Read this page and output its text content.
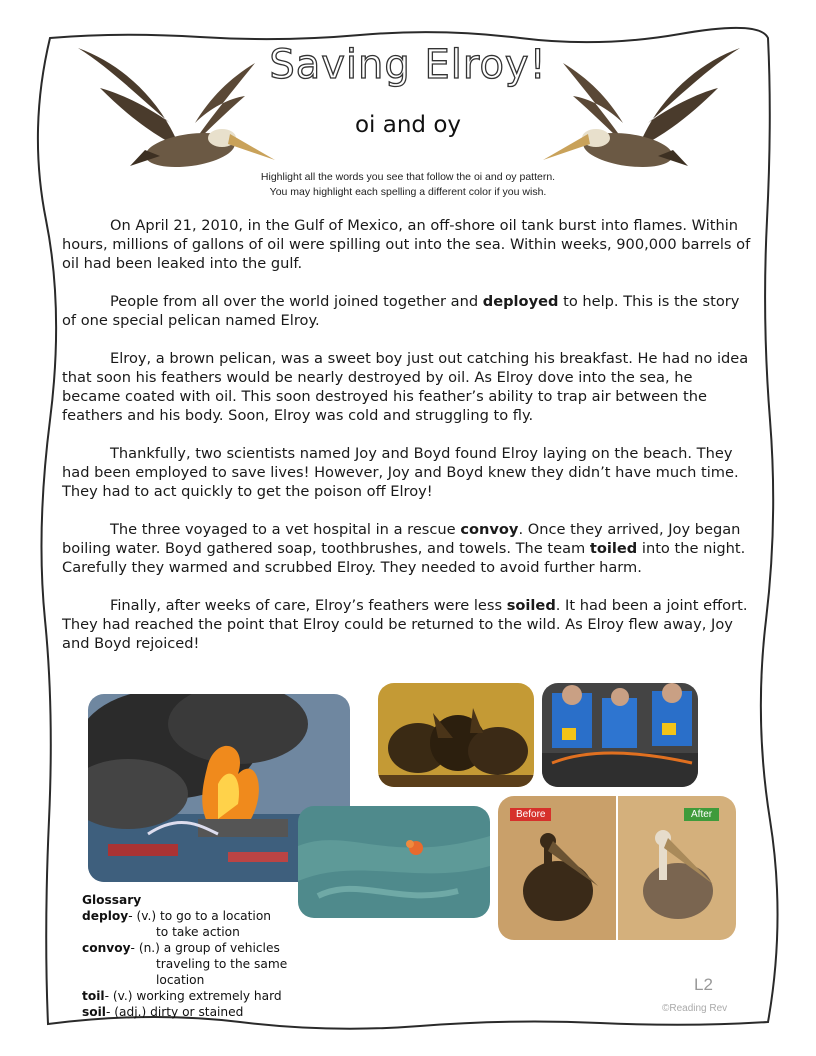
Saving Elroy!
oi and oy
Highlight all the words you see that follow the oi and oy pattern.
You may highlight each spelling a different color if you wish.

On April 21, 2010, in the Gulf of Mexico, an off-shore oil tank burst into flames. Within hours, millions of gallons of oil were spilling out into the sea. Within weeks, 900,000 barrels of oil had been leaked into the gulf.

People from all over the world joined together and deployed to help. This is the story of one special pelican named Elroy.

Elroy, a brown pelican, was a sweet boy just out catching his breakfast. He had no idea that soon his feathers would be nearly destroyed by oil. As Elroy dove into the sea, he became coated with oil. This soon destroyed his feather’s ability to trap air between the feathers and his body. Soon, Elroy was cold and struggling to fly.

Thankfully, two scientists named Joy and Boyd found Elroy laying on the beach. They had been employed to save lives! However, Joy and Boyd knew they didn’t have much time. They had to act quickly to get the poison off Elroy!

The three voyaged to a vet hospital in a rescue convoy. Once they arrived, Joy began boiling water. Boyd gathered soap, toothbrushes, and towels. The team toiled into the night. Carefully they warmed and scrubbed Elroy. They needed to avoid further harm.

Finally, after weeks of care, Elroy’s feathers were less soiled. It had been a joint effort. They had reached the point that Elroy could be returned to the wild. As Elroy flew away, Joy and Boyd rejoiced!

Before	After
Glossary
deploy- (v.) to go to a location
to take action
convoy- (n.) a group of vehicles
traveling to the same
location
toil- (v.) working extremely hard
soil- (adj.) dirty or stained
L2
©Reading Rev
